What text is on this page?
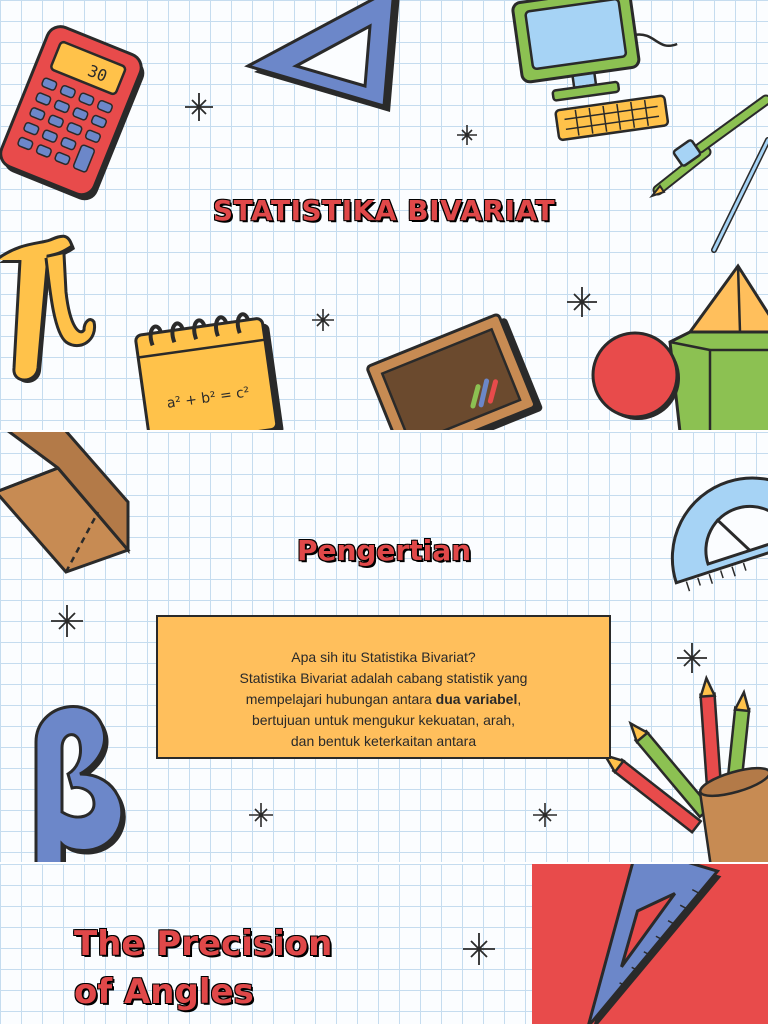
30
a² + b² = c²
STATISTIKA BIVARIAT
Pengertian
Apa sih itu Statistika Bivariat?
Statistika Bivariat adalah cabang statistik yang
mempelajari hubungan antara dua variabel,
bertujuan untuk mengukur kekuatan, arah,
dan bentuk keterkaitan antara
The Precision
of Angles
